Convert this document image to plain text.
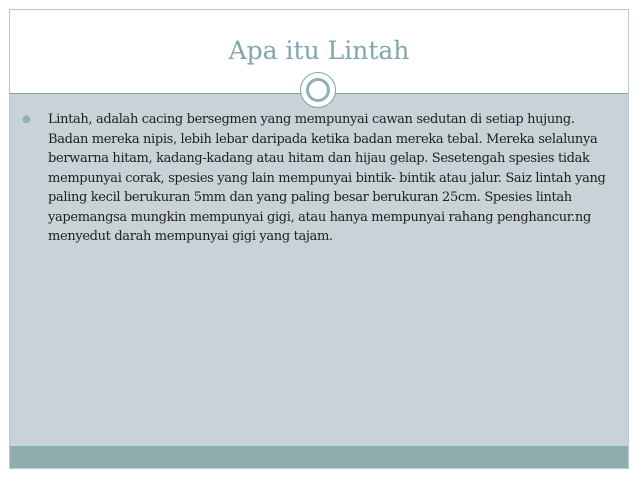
Apa itu Lintah
●	Lintah, adalah cacing bersegmen yang mempunyai cawan sedutan di setiap hujung. Badan mereka nipis, lebih lebar daripada ketika badan mereka tebal. Mereka selalunya berwarna hitam, kadang-kadang atau hitam dan hijau gelap. Sesetengah spesies tidak mempunyai corak, spesies yang lain mempunyai bintik- bintik atau jalur. Saiz lintah yang paling kecil berukuran 5mm dan yang paling besar berukuran 25cm. Spesies lintah yapemangsa mungkin mempunyai gigi, atau hanya mempunyai rahang penghancur.ng menyedut darah mempunyai gigi yang tajam.
